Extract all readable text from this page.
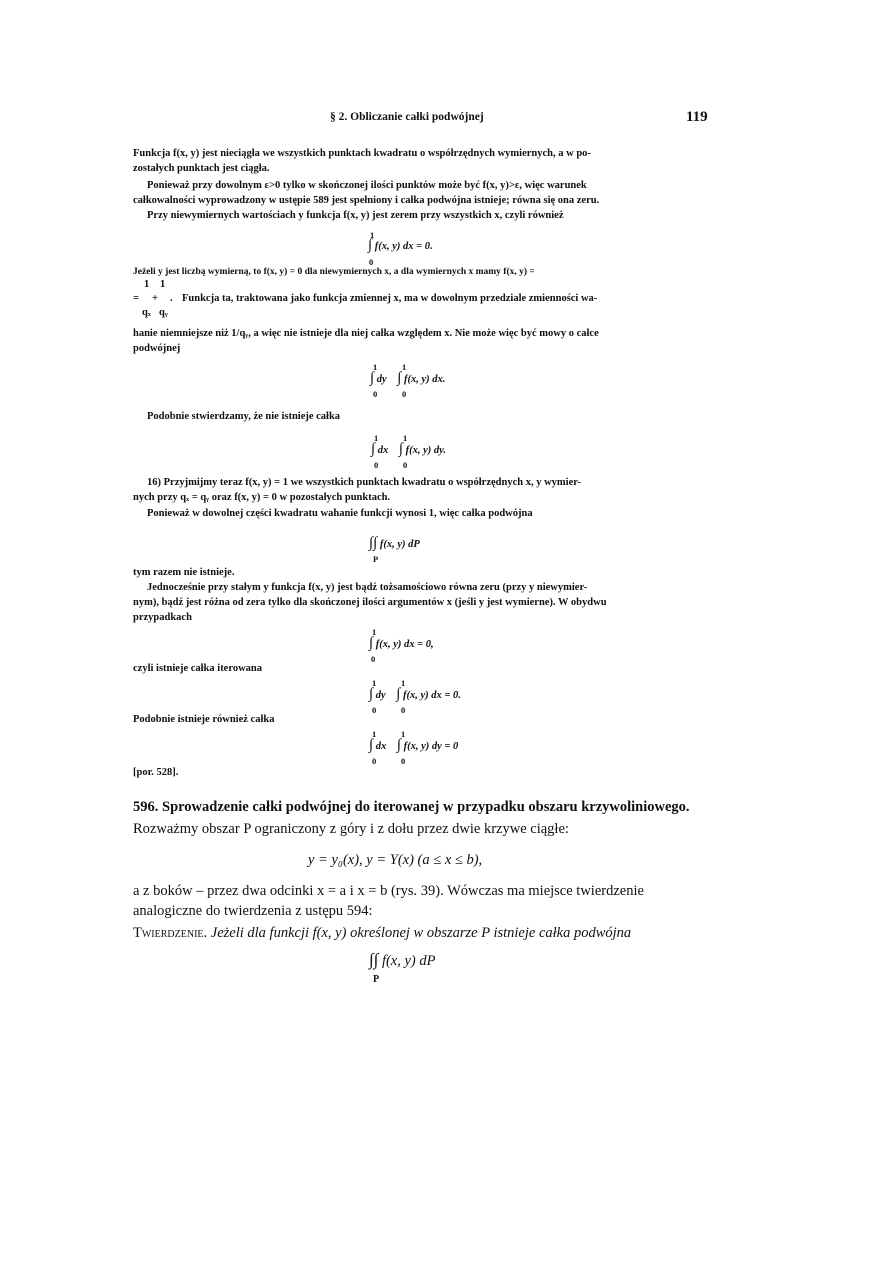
§ 2. Obliczanie całki podwójnej	119
Funkcja f(x, y) jest nieciągła we wszystkich punktach kwadratu o współrzędnych wymiernych, a w po-
zostałych punktach jest ciągła.
Ponieważ przy dowolnym ε>0 tylko w skończonej ilości punktów może być f(x, y)>ε, więc warunek
całkowalności wyprowadzony w ustępie 589 jest spełniony i całka podwójna istnieje; równa się ona zeru.
Przy niewymiernych wartościach y funkcja f(x, y) jest zerem przy wszystkich x, czyli również
1
∫ f(x, y) dx = 0.
0
Jeżeli y jest liczbą wymierną, to f(x, y) = 0 dla niewymiernych x, a dla wymiernych x mamy f(x, y) =
1 1
= +
qₓ qᵧ
. Funkcja ta, traktowana jako funkcja zmiennej x, ma w dowolnym przedziale zmienności wa-
hanie niemniejsze niż 1/qᵧ, a więc nie istnieje dla niej całka względem x. Nie może więc być mowy o całce
podwójnej
1
∫ dy
0
1
∫ f(x, y) dx.
0
Podobnie stwierdzamy, że nie istnieje całka
1
∫ dx
0
1
∫ f(x, y) dy.
0
16) Przyjmijmy teraz f(x, y) = 1 we wszystkich punktach kwadratu o współrzędnych x, y wymier-
nych przy qₓ = qᵧ oraz f(x, y) = 0 w pozostałych punktach.
Ponieważ w dowolnej części kwadratu wahanie funkcji wynosi 1, więc całka podwójna
∫∫ f(x, y) dP
P
tym razem nie istnieje.
Jednocześnie przy stałym y funkcja f(x, y) jest bądź tożsamościowo równa zeru (przy y niewymier-
nym), bądź jest różna od zera tylko dla skończonej ilości argumentów x (jeśli y jest wymierne). W obydwu
przypadkach
1
∫ f(x, y) dx = 0,
0
czyli istnieje całka iterowana
1
∫ dy
0
1
∫ f(x, y) dx = 0.
0
Podobnie istnieje również całka
1
∫ dx
0
1
∫ f(x, y) dy = 0
0
[por. 528].
596. Sprowadzenie całki podwójnej do iterowanej w przypadku obszaru krzywoliniowego.
Rozważmy obszar P ograniczony z góry i z dołu przez dwie krzywe ciągłe:
y = y₀(x), y = Y(x) (a ≤ x ≤ b),
a z boków – przez dwa odcinki x = a i x = b (rys. 39). Wówczas ma miejsce twierdzenie
analogiczne do twierdzenia z ustępu 594:
Twierdzenie. Jeżeli dla funkcji f(x, y) określonej w obszarze P istnieje całka podwójna
∫∫ f(x, y) dP
P
